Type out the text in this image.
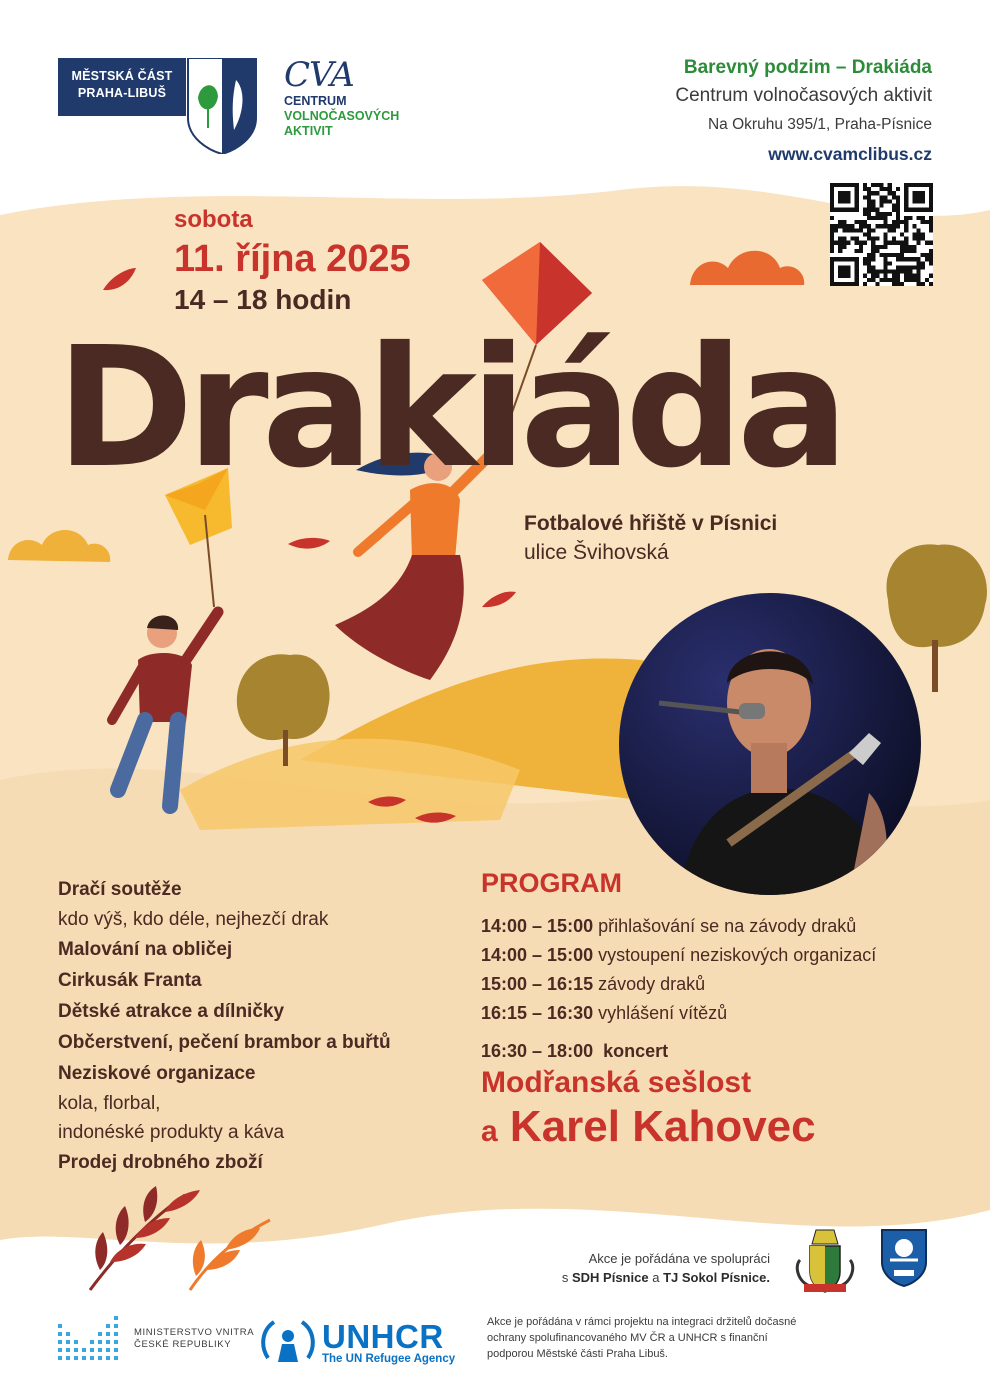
MĚSTSKÁ ČÁST
PRAHA-LIBUŠ	CVA
CENTRUM
VOLNOČASOVÝCH
AKTIVIT
Barevný podzim – Drakiáda
Centrum volnočasových aktivit
Na Okruhu 395/1, Praha-Písnice
www.cvamclibus.cz
sobota
11. října 2025
14 – 18 hodin
Drakiáda
Fotbalové hřiště v Písnici
ulice Švihovská
Dračí soutěže
kdo výš, kdo déle, nejhezčí drak
Malování na obličej
Cirkusák Franta
Dětské atrakce a dílničky
Občerstvení, pečení brambor a buřtů
Neziskové organizace
kola, florbal,
indonéské produkty a káva
Prodej drobného zboží
PROGRAM
14:00 – 15:00 přihlašování se na závody draků
14:00 – 15:00 vystoupení neziskových organizací
15:00 – 16:15 závody draků
16:15 – 16:30 vyhlášení vítězů
16:30 – 18:00 koncert
Modřanská sešlost
a Karel Kahovec
Akce je pořádána ve spolupráci
s SDH Písnice a TJ Sokol Písnice.
MINISTERSTVO VNITRA
ČESKÉ REPUBLIKY	UNHCR
The UN Refugee Agency
Akce je pořádána v rámci projektu na integraci držitelů dočasné ochrany spolufinancovaného MV ČR a UNHCR s finanční podporou Městské části Praha Libuš.
